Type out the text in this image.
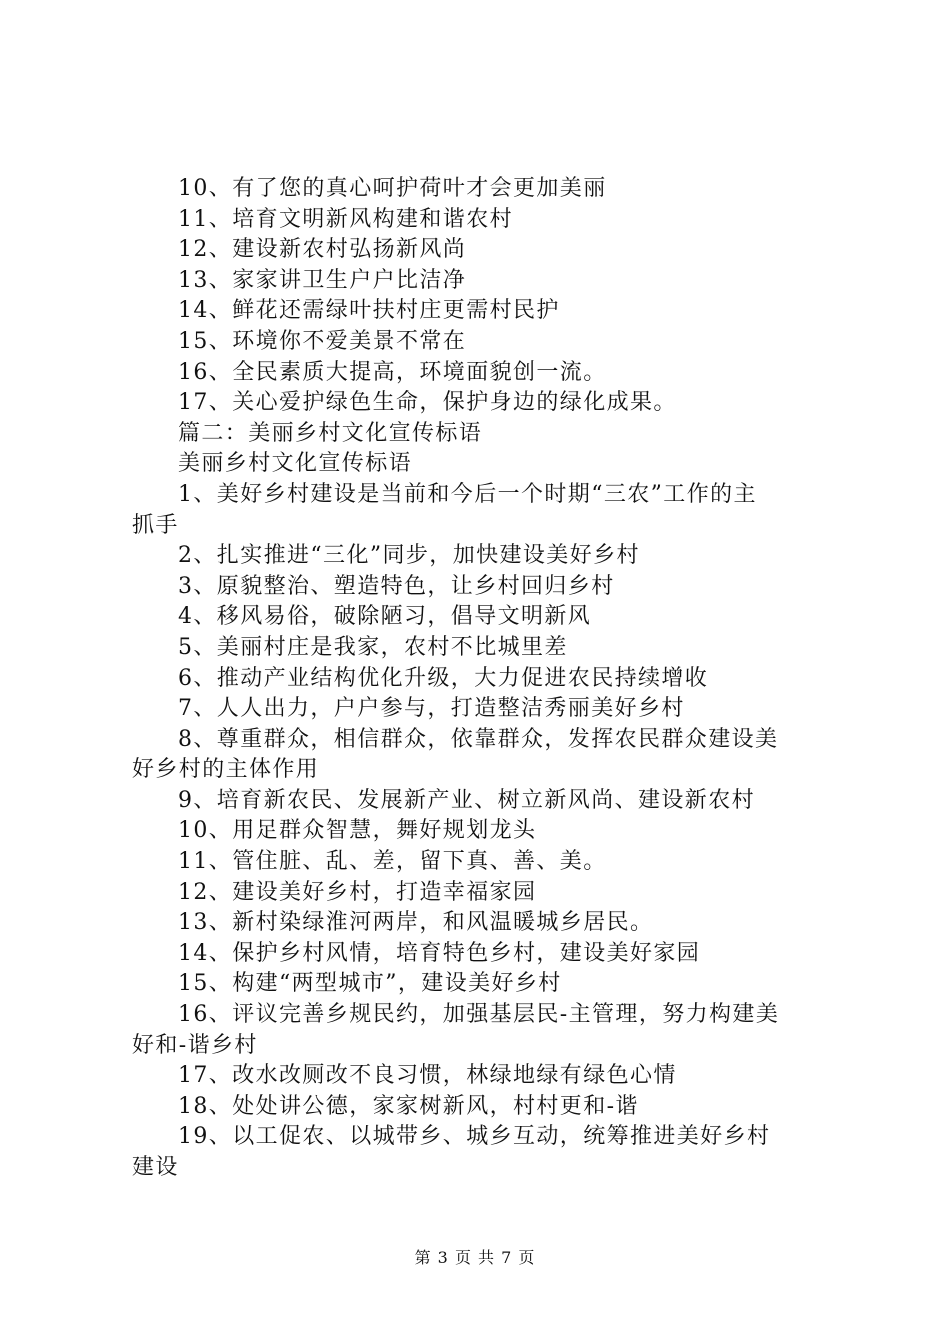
10、有了您的真心呵护荷叶才会更加美丽
11、培育文明新风构建和谐农村
12、建设新农村弘扬新风尚
13、家家讲卫生户户比洁净
14、鲜花还需绿叶扶村庄更需村民护
15、环境你不爱美景不常在
16、全民素质大提高，环境面貌创一流。
17、关心爱护绿色生命，保护身边的绿化成果。
篇二：美丽乡村文化宣传标语
美丽乡村文化宣传标语
1、美好乡村建设是当前和今后一个时期“三农”工作的主
抓手
2、扎实推进“三化”同步，加快建设美好乡村
3、原貌整治、塑造特色，让乡村回归乡村
4、移风易俗，破除陋习，倡导文明新风
5、美丽村庄是我家，农村不比城里差
6、推动产业结构优化升级，大力促进农民持续增收
7、人人出力，户户参与，打造整洁秀丽美好乡村
8、尊重群众，相信群众，依靠群众，发挥农民群众建设美
好乡村的主体作用
9、培育新农民、发展新产业、树立新风尚、建设新农村
10、用足群众智慧，舞好规划龙头
11、管住脏、乱、差，留下真、善、美。
12、建设美好乡村，打造幸福家园
13、新村染绿淮河两岸，和风温暖城乡居民。
14、保护乡村风情，培育特色乡村，建设美好家园
15、构建“两型城市”，建设美好乡村
16、评议完善乡规民约，加强基层民-主管理，努力构建美
好和-谐乡村
17、改水改厕改不良习惯，林绿地绿有绿色心情
18、处处讲公德，家家树新风，村村更和-谐
19、以工促农、以城带乡、城乡互动，统筹推进美好乡村
建设
第 3 页 共 7 页
